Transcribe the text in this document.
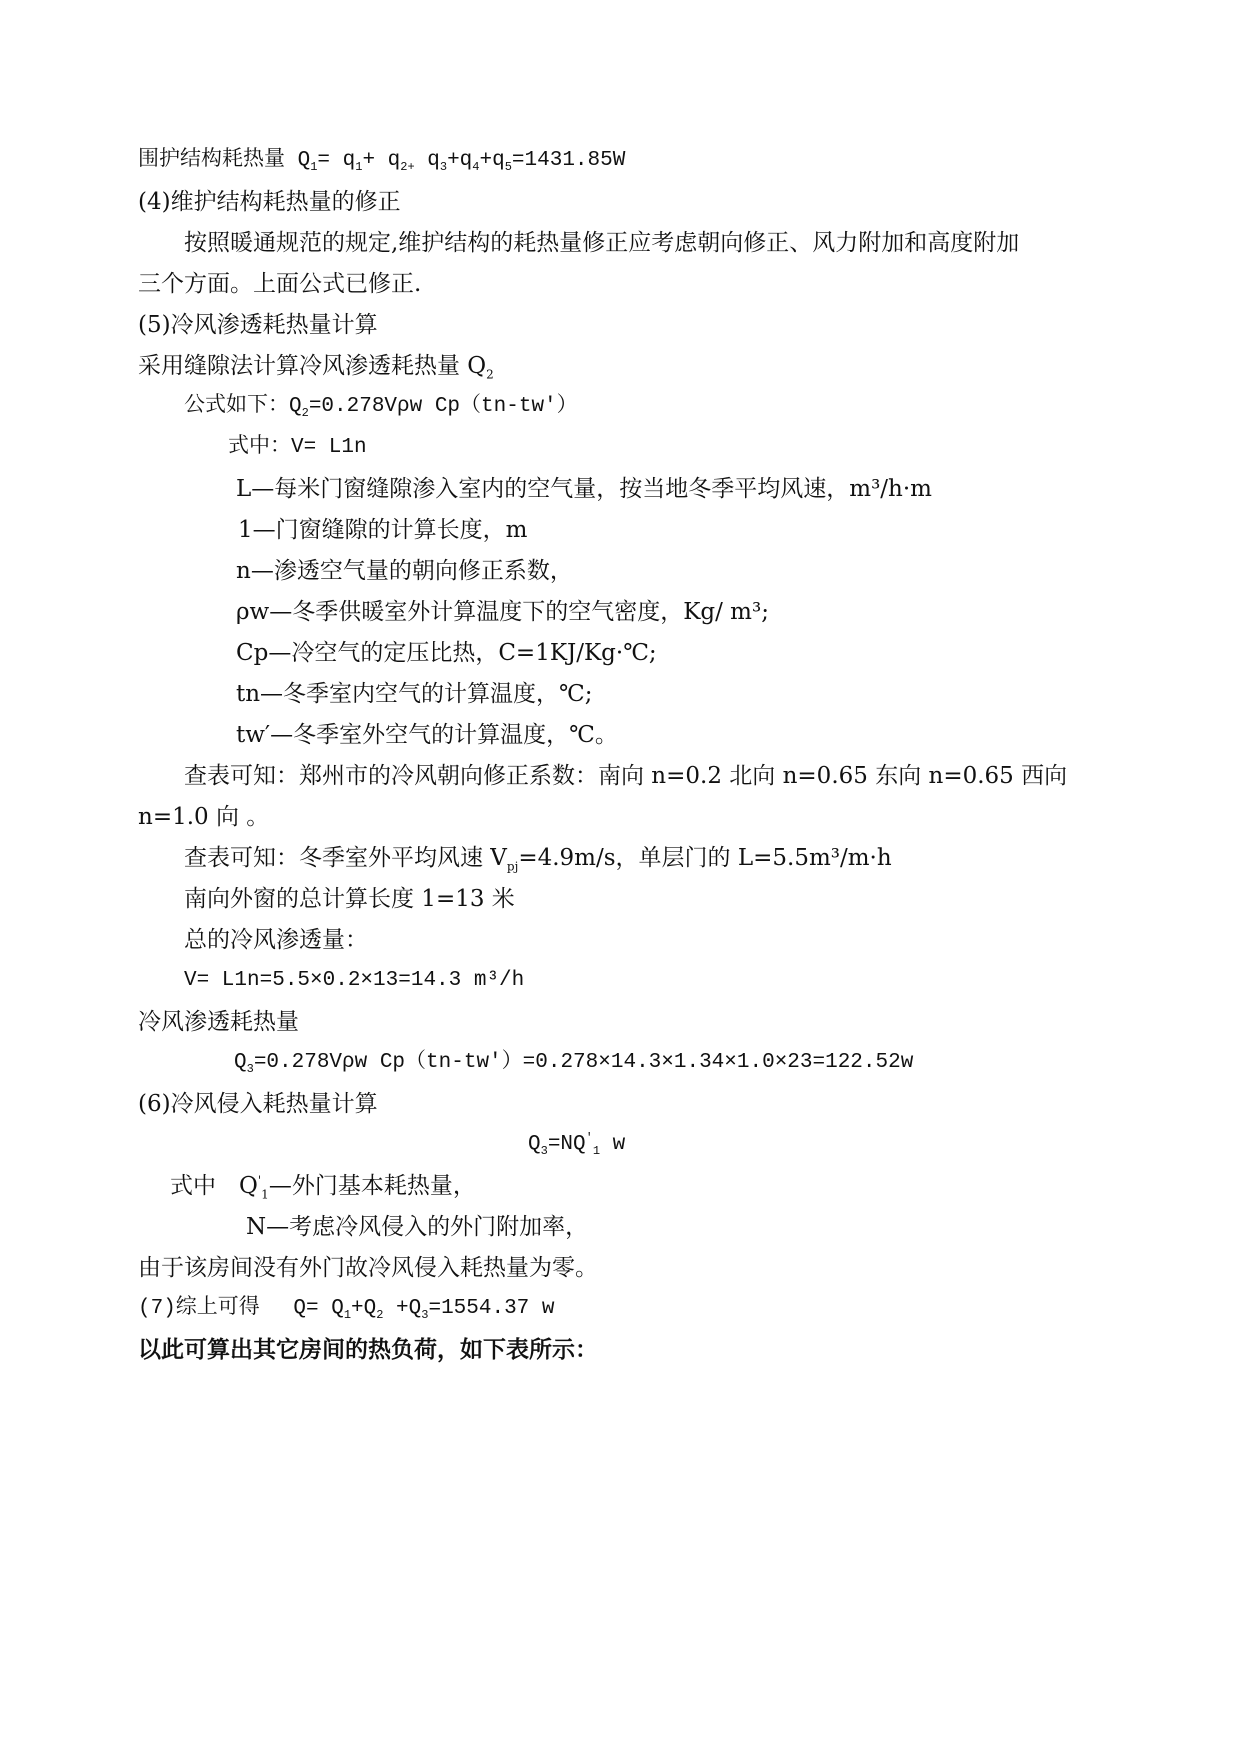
围护结构耗热量 $Q_1= q_1+ q_{2+}$ $q_3+q_4+q_5=1431.85W$
(4)维护结构耗热量的修正
按照暖通规范的规定,维护结构的耗热量修正应考虑朝向修正、风力附加和高度附加
三个方面。上面公式已修正.
(5)冷风渗透耗热量计算
采用缝隙法计算冷风渗透耗热量 $Q_2$
公式如下：$Q_2=0.278V\rho w$ Cp（tn-tw′）
式中：V= L1n
L—每米门窗缝隙渗入室内的空气量，按当地冬季平均风速，m³/h·m
1—门窗缝隙的计算长度，m
n—渗透空气量的朝向修正系数，
ρw—冬季供暖室外计算温度下的空气密度，Kg/ m³;
Cp—冷空气的定压比热，C=1KJ/Kg·℃;
tn—冬季室内空气的计算温度，℃;
tw′—冬季室外空气的计算温度，℃。
查表可知：郑州市的冷风朝向修正系数：南向 n=0.2 北向 n=0.65 东向 n=0.65 西向
n=1.0 向 。
查表可知：冬季室外平均风速 $V_{pj}=4.9m/s$，单层门的 L=5.5m³/m·h
南向外窗的总计算长度 1=13 米
总的冷风渗透量：
V= L1n=5.5×0.2×13=14.3 m³/h
冷风渗透耗热量
$Q_3=0.278V\rho w$ Cp（tn-tw′）=0.278×14.3×1.34×1.0×23=122.52w
(6)冷风侵入耗热量计算
$Q_3=NQ'_1$ w
式中　$Q'_1—$外门基本耗热量，
N—考虑冷风侵入的外门附加率，
由于该房间没有外门故冷风侵入耗热量为零。
(7)综上可得　 $Q= Q_1+Q_2 +Q_3=1554.37$ w
以此可算出其它房间的热负荷，如下表所示：
